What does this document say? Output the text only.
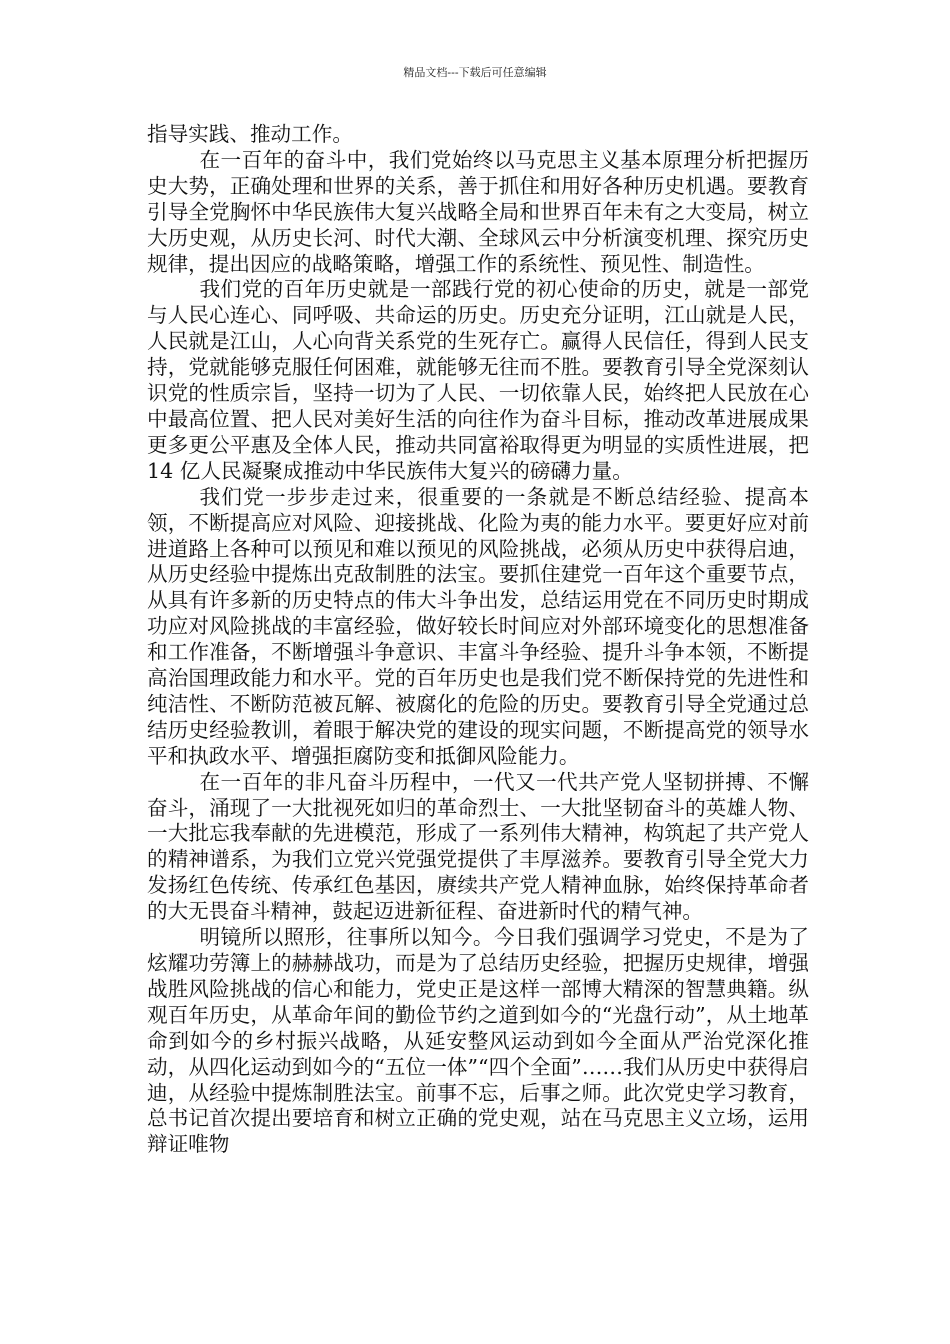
精品文档---下载后可任意编辑

指导实践、推动工作。

在一百年的奋斗中，我们党始终以马克思主义基本原理分析把握历史大势，正确处理和世界的关系，善于抓住和用好各种历史机遇。要教育引导全党胸怀中华民族伟大复兴战略全局和世界百年未有之大变局，树立大历史观，从历史长河、时代大潮、全球风云中分析演变机理、探究历史规律，提出因应的战略策略，增强工作的系统性、预见性、制造性。

我们党的百年历史就是一部践行党的初心使命的历史，就是一部党与人民心连心、同呼吸、共命运的历史。历史充分证明，江山就是人民，人民就是江山，人心向背关系党的生死存亡。赢得人民信任，得到人民支持，党就能够克服任何困难，就能够无往而不胜。要教育引导全党深刻认识党的性质宗旨，坚持一切为了人民、一切依靠人民，始终把人民放在心中最高位置、把人民对美好生活的向往作为奋斗目标，推动改革进展成果更多更公平惠及全体人民，推动共同富裕取得更为明显的实质性进展，把 14 亿人民凝聚成推动中华民族伟大复兴的磅礴力量。

我们党一步步走过来，很重要的一条就是不断总结经验、提高本领，不断提高应对风险、迎接挑战、化险为夷的能力水平。要更好应对前进道路上各种可以预见和难以预见的风险挑战，必须从历史中获得启迪，从历史经验中提炼出克敌制胜的法宝。要抓住建党一百年这个重要节点，从具有许多新的历史特点的伟大斗争出发，总结运用党在不同历史时期成功应对风险挑战的丰富经验，做好较长时间应对外部环境变化的思想准备和工作准备，不断增强斗争意识、丰富斗争经验、提升斗争本领，不断提高治国理政能力和水平。党的百年历史也是我们党不断保持党的先进性和纯洁性、不断防范被瓦解、被腐化的危险的历史。要教育引导全党通过总结历史经验教训，着眼于解决党的建设的现实问题，不断提高党的领导水平和执政水平、增强拒腐防变和抵御风险能力。

在一百年的非凡奋斗历程中，一代又一代共产党人坚韧拼搏、不懈奋斗，涌现了一大批视死如归的革命烈士、一大批坚韧奋斗的英雄人物、一大批忘我奉献的先进模范，形成了一系列伟大精神，构筑起了共产党人的精神谱系，为我们立党兴党强党提供了丰厚滋养。要教育引导全党大力发扬红色传统、传承红色基因，赓续共产党人精神血脉，始终保持革命者的大无畏奋斗精神，鼓起迈进新征程、奋进新时代的精气神。

明镜所以照形，往事所以知今。今日我们强调学习党史，不是为了炫耀功劳簿上的赫赫战功，而是为了总结历史经验，把握历史规律，增强战胜风险挑战的信心和能力，党史正是这样一部博大精深的智慧典籍。纵观百年历史，从革命年间的勤俭节约之道到如今的“光盘行动”，从土地革命到如今的乡村振兴战略，从延安整风运动到如今全面从严治党深化推动，从四化运动到如今的“五位一体”“四个全面”……我们从历史中获得启迪，从经验中提炼制胜法宝。前事不忘，后事之师。此次党史学习教育，总书记首次提出要培育和树立正确的党史观，站在马克思主义立场，运用辩证唯物
